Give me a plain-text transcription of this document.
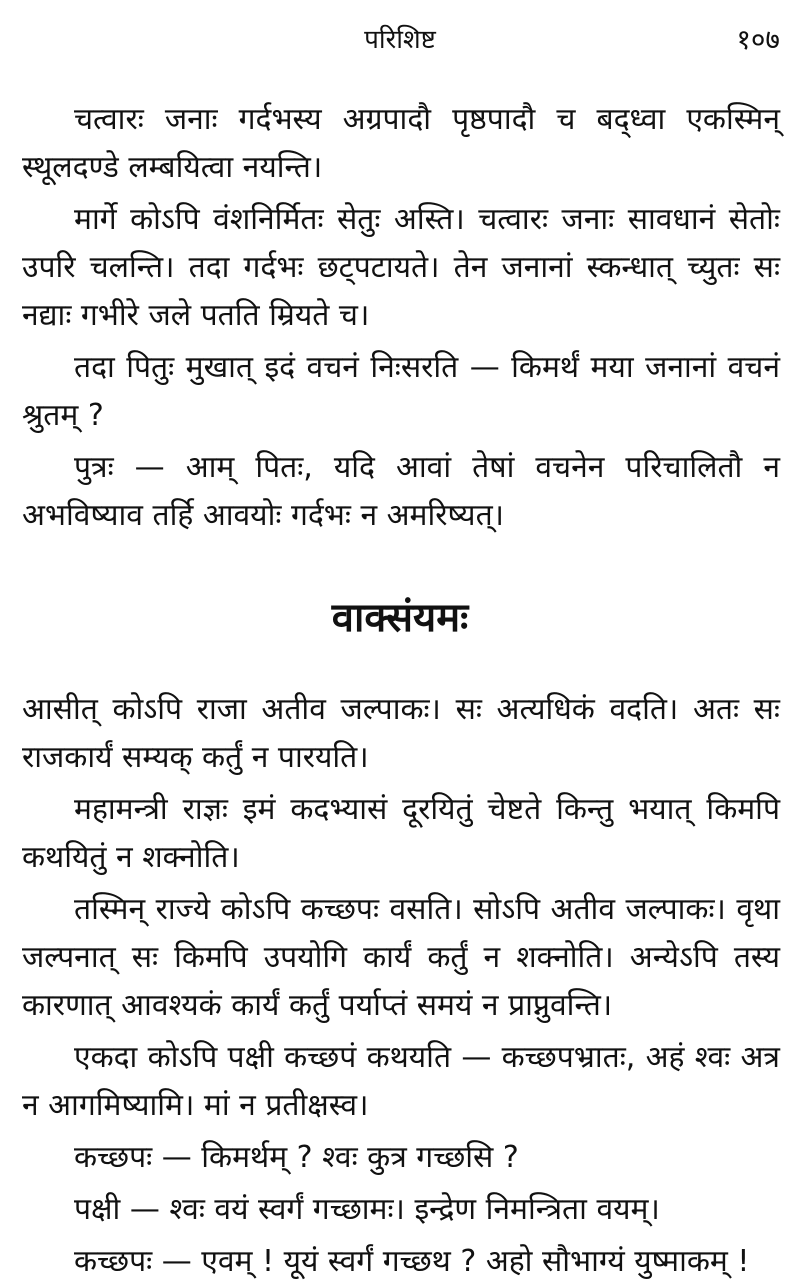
परिशिष्ट	१०७

चत्वारः जनाः गर्दभस्य अग्रपादौ पृष्ठपादौ च बद्ध्वा एकस्मिन् स्थूलदण्डे लम्बयित्वा नयन्ति।

मार्गे कोऽपि वंशनिर्मितः सेतुः अस्ति। चत्वारः जनाः सावधानं सेतोः उपरि चलन्ति। तदा गर्दभः छट्पटायते। तेन जनानां स्कन्धात् च्युतः सः नद्याः गभीरे जले पतति म्रियते च।

तदा पितुः मुखात् इदं वचनं निःसरति — किमर्थं मया जनानां वचनं श्रुतम् ?

पुत्रः — आम् पितः, यदि आवां तेषां वचनेन परिचालितौ न अभविष्याव तर्हि आवयोः गर्दभः न अमरिष्यत्।

वाक्संयमः

आसीत् कोऽपि राजा अतीव जल्पाकः। सः अत्यधिकं वदति। अतः सः राजकार्यं सम्यक् कर्तुं न पारयति।

महामन्त्री राज्ञः इमं कदभ्यासं दूरयितुं चेष्टते किन्तु भयात् किमपि कथयितुं न शक्नोति।

तस्मिन् राज्ये कोऽपि कच्छपः वसति। सोऽपि अतीव जल्पाकः। वृथा जल्पनात् सः किमपि उपयोगि कार्यं कर्तुं न शक्नोति। अन्येऽपि तस्य कारणात् आवश्यकं कार्यं कर्तुं पर्याप्तं समयं न प्राप्नुवन्ति।

एकदा कोऽपि पक्षी कच्छपं कथयति — कच्छपभ्रातः, अहं श्वः अत्र न आगमिष्यामि। मां न प्रतीक्षस्व।

कच्छपः — किमर्थम् ? श्वः कुत्र गच्छसि ?

पक्षी — श्वः वयं स्वर्गं गच्छामः। इन्द्रेण निमन्त्रिता वयम्।

कच्छपः — एवम् ! यूयं स्वर्गं गच्छथ ? अहो सौभाग्यं युष्माकम् !
